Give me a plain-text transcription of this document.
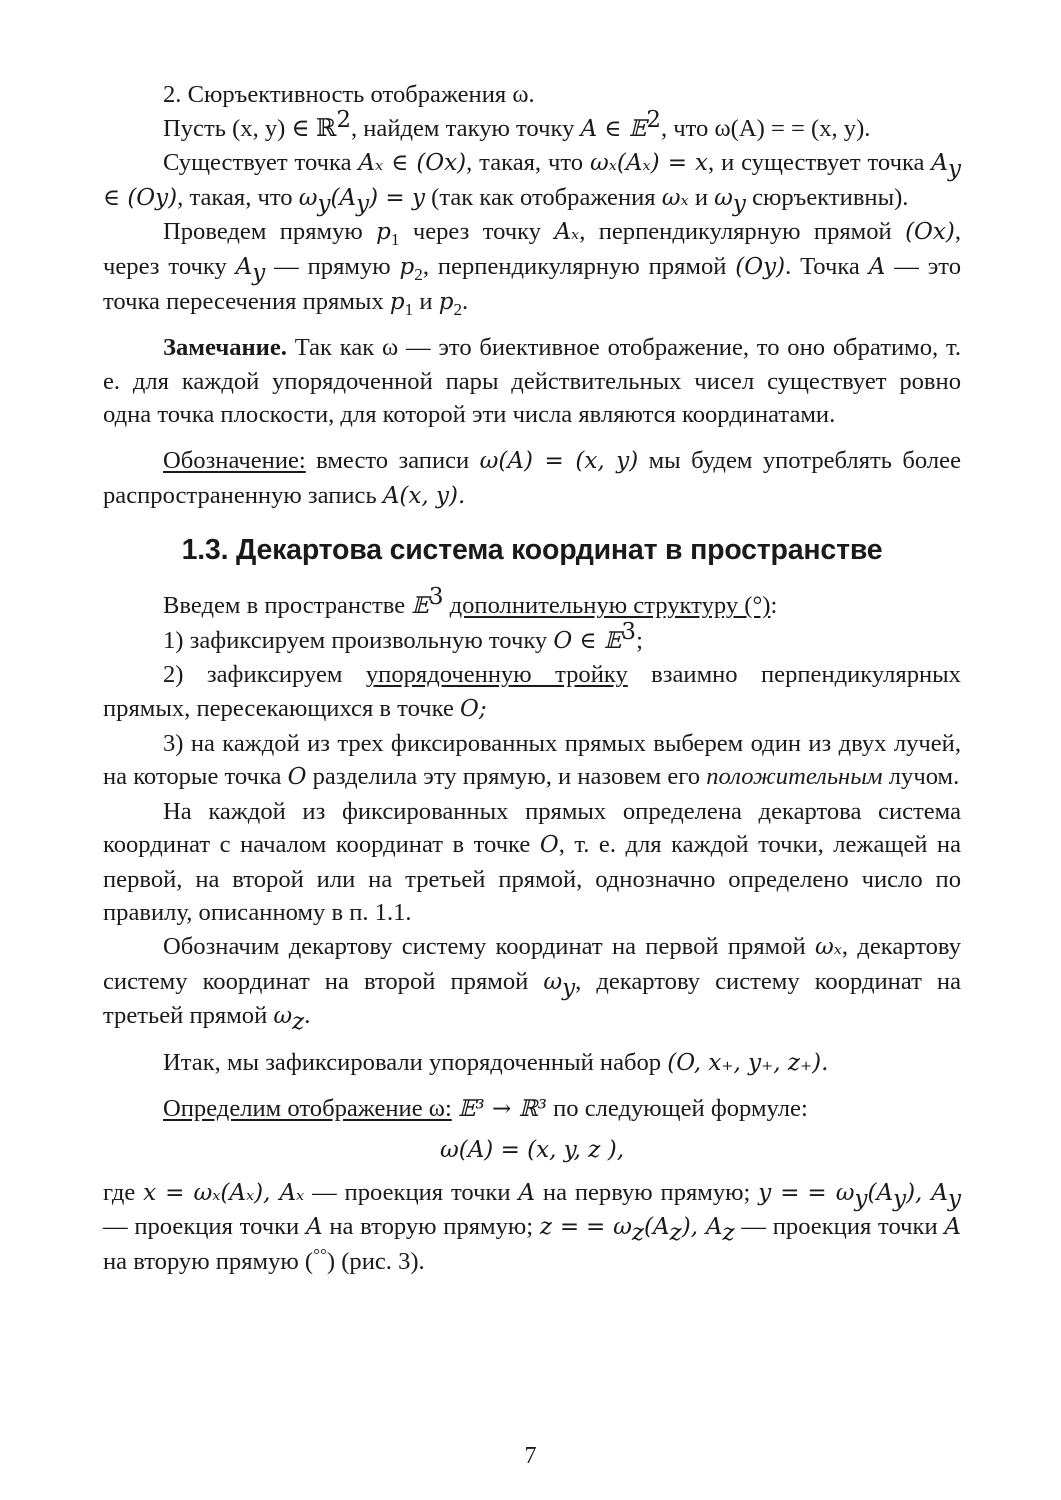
2. Сюръективность отображения ω.

Пусть (x, y) ∈ ℝ$^2$, найдем такую точку A ∈ 𝔼$^2$, что ω(A) = = (x, y).

Существует точка Aₓ ∈ (Ox), такая, что ωₓ(Aₓ) = x, и существует точка $A_y$ ∈ (Oy), такая, что $\omega_y(A_y) = y$ (так как отображения ωₓ и $\omega_y$ сюръективны).

Проведем прямую $p_1$ через точку Aₓ, перпендикулярную прямой (Ox), через точку $A_y$ — прямую $p_2$, перпендикулярную прямой (Oy). Точка A — это точка пересечения прямых $p_1$ и $p_2$.

Замечание. Так как ω — это биективное отображение, то оно обратимо, т. е. для каждой упорядоченной пары действительных чисел существует ровно одна точка плоскости, для которой эти числа являются координатами.

Обозначение: вместо записи ω(A) = (x, y) мы будем употреблять более распространенную запись A(x, y).

1.3. Декартова система координат в пространстве

Введем в пространстве 𝔼$^3$ дополнительную структуру (°):

1) зафиксируем произвольную точку O ∈ 𝔼$^3$;

2) зафиксируем упорядоченную тройку взаимно перпендикулярных прямых, пересекающихся в точке O;

3) на каждой из трех фиксированных прямых выберем один из двух лучей, на которые точка O разделила эту прямую, и назовем его положительным лучом.

На каждой из фиксированных прямых определена декартова система координат с началом координат в точке O, т. е. для каждой точки, лежащей на первой, на второй или на третьей прямой, однозначно определено число по правилу, описанному в п. 1.1.

Обозначим декартову систему координат на первой прямой ωₓ, декартову систему координат на второй прямой $\omega_y$, декартову систему координат на третьей прямой $\omega_z$.

Итак, мы зафиксировали упорядоченный набор (O, x₊, y₊, z₊).

Определим отображение ω: 𝔼³ → ℝ³ по следующей формуле:

ω(A) = (x, y, z ),

где x = ωₓ(Aₓ), Aₓ — проекция точки A на первую прямую; y = = $\omega_y(A_y)$, $A_y$ — проекция точки A на вторую прямую; z = = $\omega_z(A_z)$, $A_z$ — проекция точки A на вторую прямую (°°) (рис. 3).

7
